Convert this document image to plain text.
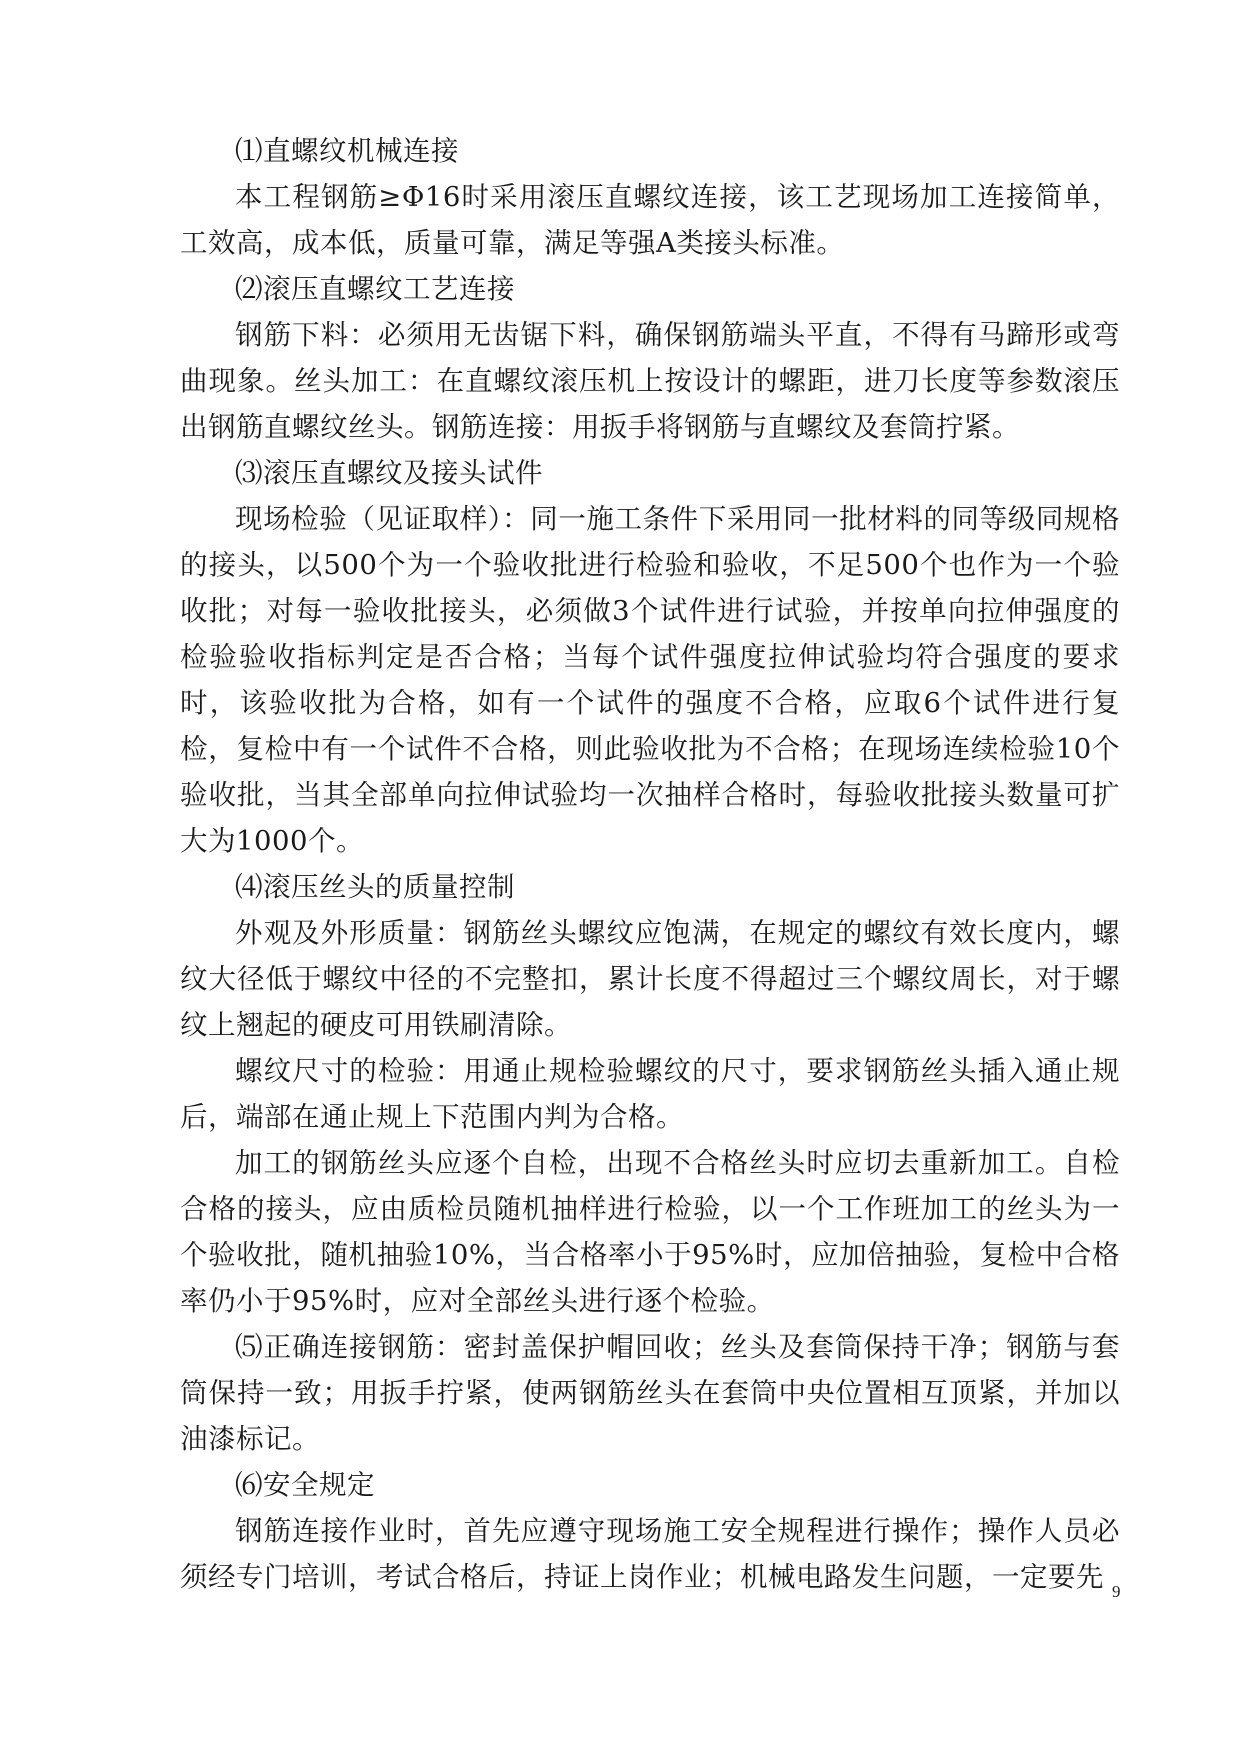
⑴直螺纹机械连接

本工程钢筋≥Φ16时采用滚压直螺纹连接，该工艺现场加工连接简单，工效高，成本低，质量可靠，满足等强A类接头标准。

⑵滚压直螺纹工艺连接

钢筋下料：必须用无齿锯下料，确保钢筋端头平直，不得有马蹄形或弯曲现象。丝头加工：在直螺纹滚压机上按设计的螺距，进刀长度等参数滚压出钢筋直螺纹丝头。钢筋连接：用扳手将钢筋与直螺纹及套筒拧紧。

⑶滚压直螺纹及接头试件

现场检验（见证取样）：同一施工条件下采用同一批材料的同等级同规格的接头，以500个为一个验收批进行检验和验收，不足500个也作为一个验收批；对每一验收批接头，必须做3个试件进行试验，并按单向拉伸强度的检验验收指标判定是否合格；当每个试件强度拉伸试验均符合强度的要求时，该验收批为合格，如有一个试件的强度不合格，应取6个试件进行复检，复检中有一个试件不合格，则此验收批为不合格；在现场连续检验10个验收批，当其全部单向拉伸试验均一次抽样合格时，每验收批接头数量可扩大为1000个。

⑷滚压丝头的质量控制

外观及外形质量：钢筋丝头螺纹应饱满，在规定的螺纹有效长度内，螺纹大径低于螺纹中径的不完整扣，累计长度不得超过三个螺纹周长，对于螺纹上翘起的硬皮可用铁刷清除。

螺纹尺寸的检验：用通止规检验螺纹的尺寸，要求钢筋丝头插入通止规后，端部在通止规上下范围内判为合格。

加工的钢筋丝头应逐个自检，出现不合格丝头时应切去重新加工。自检合格的接头，应由质检员随机抽样进行检验，以一个工作班加工的丝头为一个验收批，随机抽验10%，当合格率小于95%时，应加倍抽验，复检中合格率仍小于95%时，应对全部丝头进行逐个检验。

⑸正确连接钢筋：密封盖保护帽回收；丝头及套筒保持干净；钢筋与套筒保持一致；用扳手拧紧，使两钢筋丝头在套筒中央位置相互顶紧，并加以油漆标记。

⑹安全规定

钢筋连接作业时，首先应遵守现场施工安全规程进行操作；操作人员必须经专门培训，考试合格后，持证上岗作业；机械电路发生问题，一定要先 9
